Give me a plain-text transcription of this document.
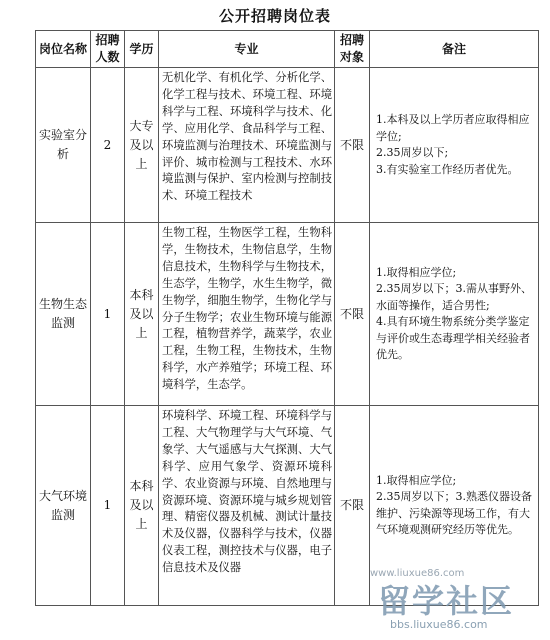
公开招聘岗位表
岗位名称	招聘人数	学历	专业	招聘对象	备注
实验室分析	2	大专及以上	无机化学、有机化学、分析化学、化学工程与技术、环境工程、环境科学与工程、环境科学与技术、化学、应用化学、食品科学与工程、环境监测与治理技术、环境监测与评价、城市检测与工程技术、水环境监测与保护、室内检测与控制技术、环境工程技术	不限	1.本科及以上学历者应取得相应学位;
2.35周岁以下;
3.有实验室工作经历者优先。

生物生态监测	1	本科及以上	生物工程，生物医学工程，生物科学，生物技术，生物信息学，生物信息技术，生物科学与生物技术，生态学，生物学，水生生物学，微生物学，细胞生物学，生物化学与分子生物学；农业生物环境与能源工程，植物营养学，蔬菜学，农业工程，生物工程，生物技术，生物科学，水产养殖学；环境工程、环境科学，生态学。	不限	1.取得相应学位;
2.35周岁以下；3.需从事野外、水面等操作，适合男性;
4.具有环境生物系统分类学鉴定与评价或生态毒理学相关经验者优先。

大气环境监测	1	本科及以上	环境科学、环境工程、环境科学与工程、大气物理学与大气环境、气象学、大气遥感与大气探测、大气科学、应用气象学、资源环境科学、农业资源与环境、自然地理与资源环境、资源环境与城乡规划管理、精密仪器及机械、测试计量技术及仪器，仪器科学与技术，仪器仪表工程，测控技术与仪器，电子信息技术及仪器	不限	1.取得相应学位;
2.35周岁以下；3.熟悉仪器设备维护、污染源等现场工作，有大气环境观测研究经历等优先。
www.liuxue86.com
留学社区
bbs.liuxue86.com
